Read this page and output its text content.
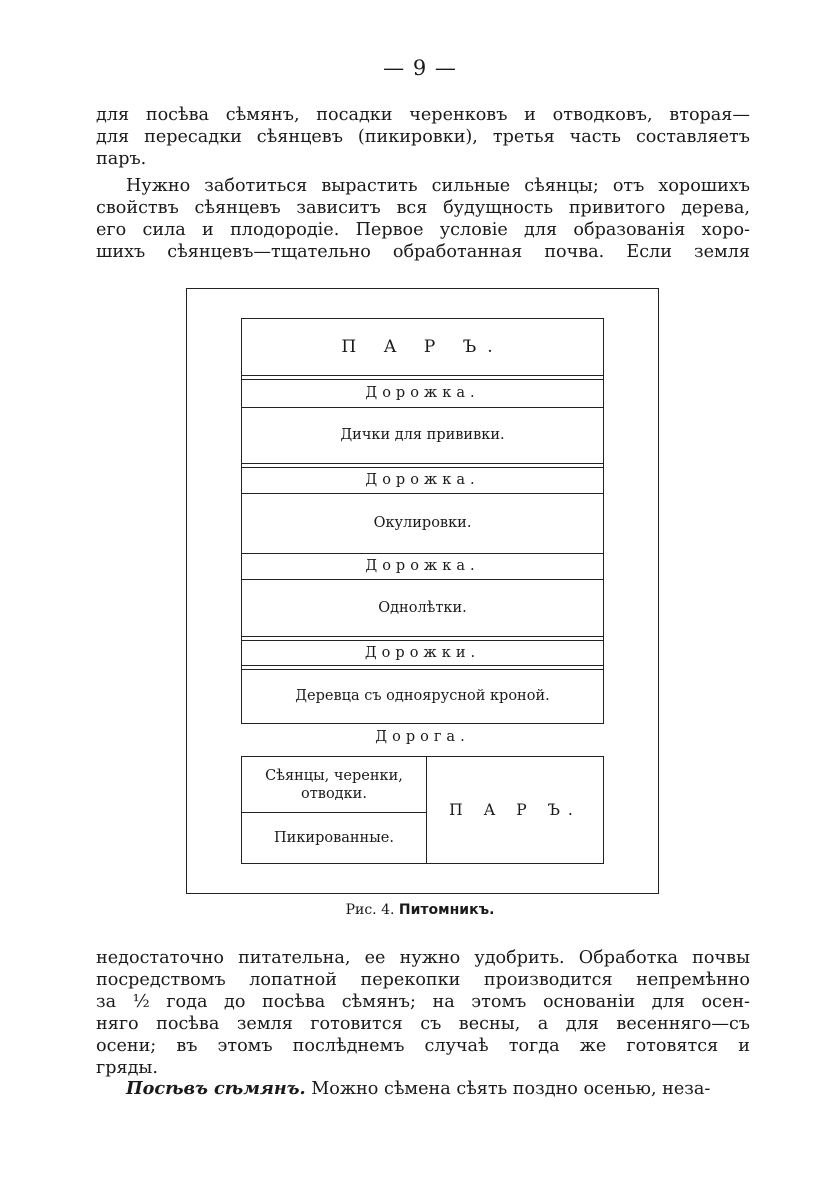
— 9 —

для посѣва сѣмянъ, посадки черенковъ и отводковъ, вторая—
для пересадки сѣянцевъ (пикировки), третья часть составляетъ
паръ.

Нужно заботиться вырастить сильные сѣянцы; отъ хорошихъ
свойствъ сѣянцевъ зависитъ вся будущность привитого дерева,
его сила и плодородіе. Первое условіе для образованія хоро-
шихъ сѣянцевъ—тщательно обработанная почва. Если земля

П А Р Ъ.
Дорожка.
Дички для прививки.
Дорожка.
Окулировки.
Дорожка.
Однолѣтки.
Дорожки.
Деревца съ одноярусной кроной.
Дорога.
Сѣянцы, черенки,
отводки.
Пикированные.
П А Р Ъ.
Рис. 4. Питомникъ.

недостаточно питательна, ее нужно удобрить. Обработка почвы
посредствомъ лопатной перекопки производится непремѣнно
за ½ года до посѣва сѣмянъ; на этомъ основаніи для осен-
няго посѣва земля готовится съ весны, а для весенняго—съ
осени; въ этомъ послѣднемъ случаѣ тогда же готовятся и
гряды.

Посѣвъ сѣмянъ. Можно сѣмена сѣять поздно осенью, неза-
